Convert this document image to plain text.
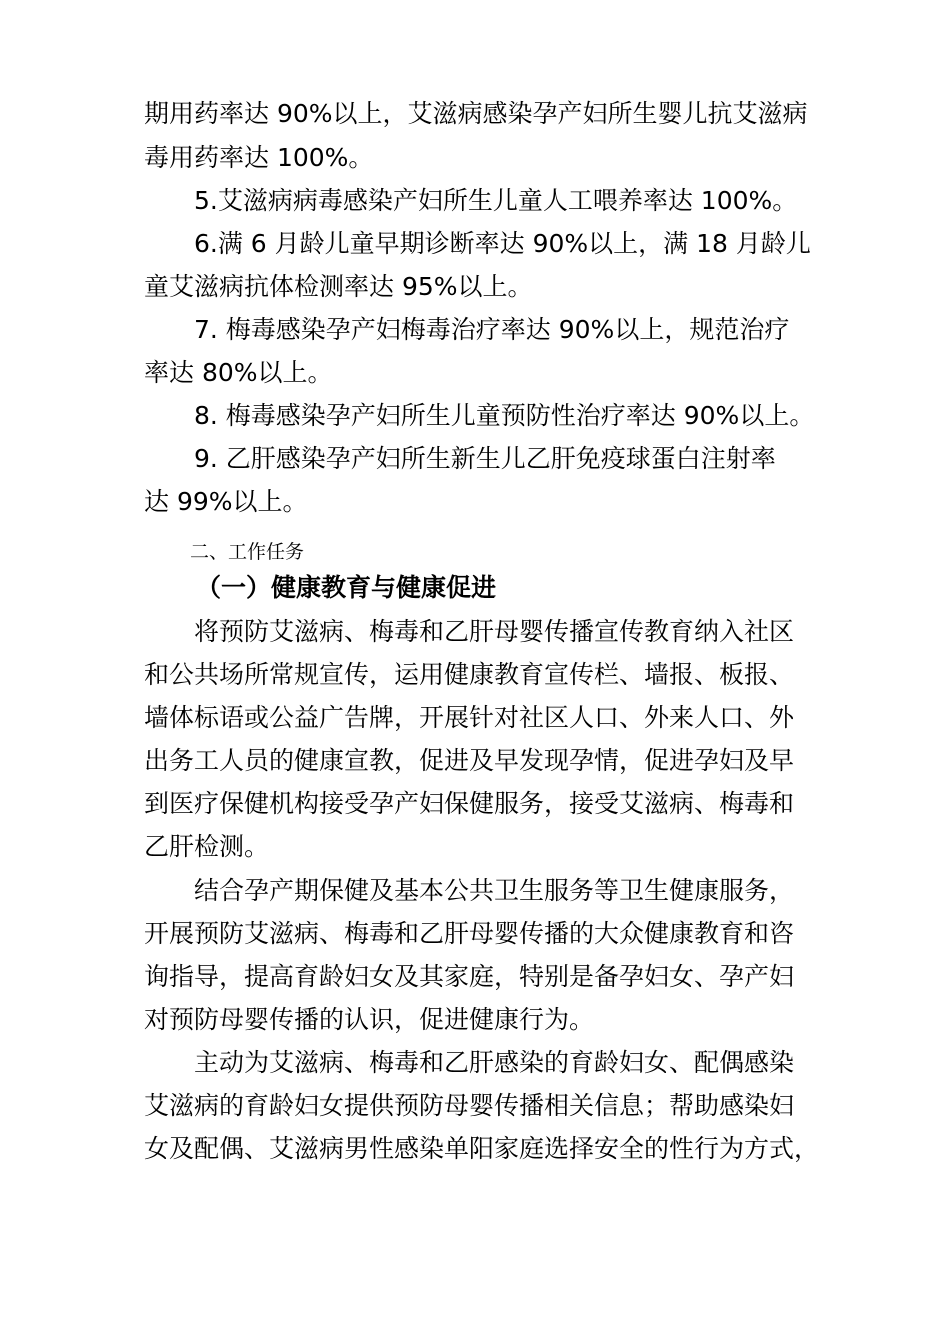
期用药率达 90%以上，艾滋病感染孕产妇所生婴儿抗艾滋病
毒用药率达 100%。
5.艾滋病病毒感染产妇所生儿童人工喂养率达 100%。
6.满 6 月龄儿童早期诊断率达 90%以上，满 18 月龄儿
童艾滋病抗体检测率达 95%以上。
7. 梅毒感染孕产妇梅毒治疗率达 90%以上，规范治疗
率达 80%以上。
8. 梅毒感染孕产妇所生儿童预防性治疗率达 90%以上。
9. 乙肝感染孕产妇所生新生儿乙肝免疫球蛋白注射率
达 99%以上。
二、工作任务
（一）健康教育与健康促进
将预防艾滋病、梅毒和乙肝母婴传播宣传教育纳入社区
和公共场所常规宣传，运用健康教育宣传栏、墙报、板报、
墙体标语或公益广告牌，开展针对社区人口、外来人口、外
出务工人员的健康宣教，促进及早发现孕情，促进孕妇及早
到医疗保健机构接受孕产妇保健服务，接受艾滋病、梅毒和
乙肝检测。
结合孕产期保健及基本公共卫生服务等卫生健康服务，
开展预防艾滋病、梅毒和乙肝母婴传播的大众健康教育和咨
询指导，提高育龄妇女及其家庭，特别是备孕妇女、孕产妇
对预防母婴传播的认识，促进健康行为。
主动为艾滋病、梅毒和乙肝感染的育龄妇女、配偶感染
艾滋病的育龄妇女提供预防母婴传播相关信息；帮助感染妇
女及配偶、艾滋病男性感染单阳家庭选择安全的性行为方式，
